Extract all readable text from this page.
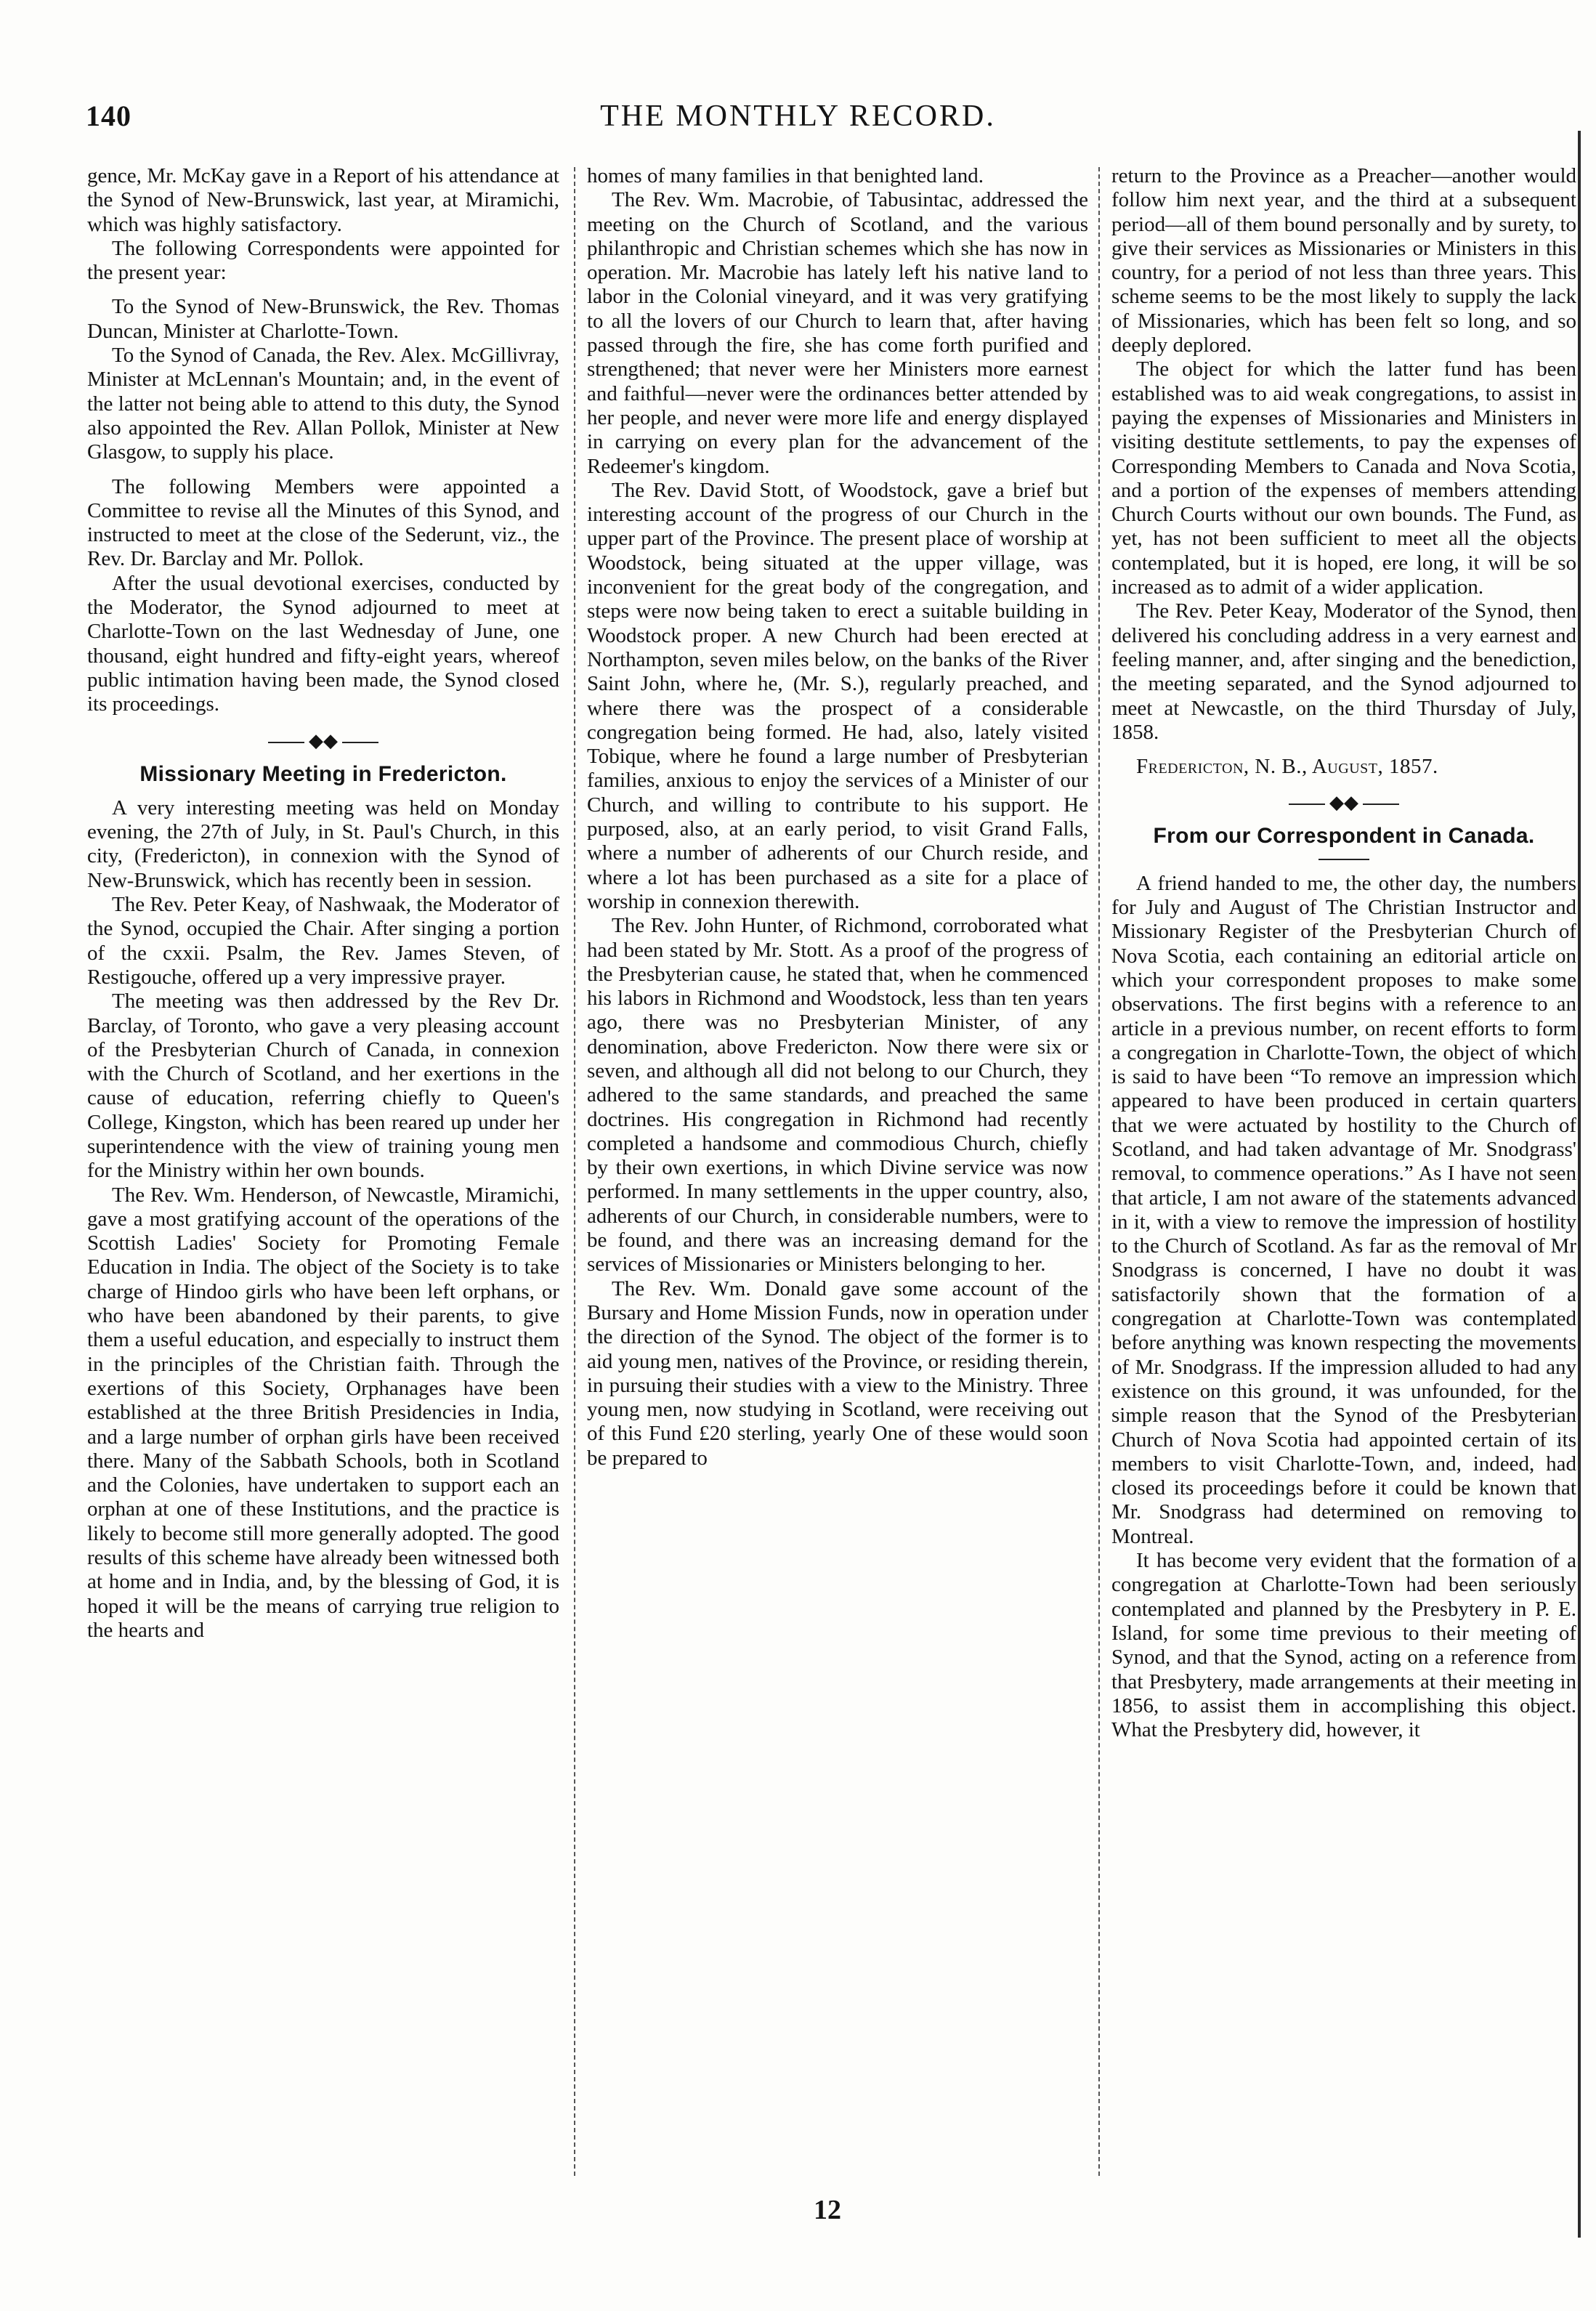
140	THE MONTHLY RECORD.

gence, Mr. McKay gave in a Report of his attendance at the Synod of New-Brunswick, last year, at Miramichi, which was highly satisfactory.

The following Correspondents were appointed for the present year:

To the Synod of New-Brunswick, the Rev. Thomas Duncan, Minister at Charlotte-Town.

To the Synod of Canada, the Rev. Alex. McGillivray, Minister at McLennan's Mountain; and, in the event of the latter not being able to attend to this duty, the Synod also appointed the Rev. Allan Pollok, Minister at New Glasgow, to supply his place.

The following Members were appointed a Committee to revise all the Minutes of this Synod, and instructed to meet at the close of the Sederunt, viz., the Rev. Dr. Barclay and Mr. Pollok.

After the usual devotional exercises, conducted by the Moderator, the Synod adjourned to meet at Charlotte-Town on the last Wednesday of June, one thousand, eight hundred and fifty-eight years, whereof public intimation having been made, the Synod closed its proceedings.

◆◆
Missionary Meeting in Fredericton.

A very interesting meeting was held on Monday evening, the 27th of July, in St. Paul's Church, in this city, (Fredericton), in connexion with the Synod of New-Brunswick, which has recently been in session.

The Rev. Peter Keay, of Nashwaak, the Moderator of the Synod, occupied the Chair. After singing a portion of the cxxii. Psalm, the Rev. James Steven, of Restigouche, offered up a very impressive prayer.

The meeting was then addressed by the Rev Dr. Barclay, of Toronto, who gave a very pleasing account of the Presbyterian Church of Canada, in connexion with the Church of Scotland, and her exertions in the cause of education, referring chiefly to Queen's College, Kingston, which has been reared up under her superintendence with the view of training young men for the Ministry within her own bounds.

The Rev. Wm. Henderson, of Newcastle, Miramichi, gave a most gratifying account of the operations of the Scottish Ladies' Society for Promoting Female Education in India. The object of the Society is to take charge of Hindoo girls who have been left orphans, or who have been abandoned by their parents, to give them a useful education, and especially to instruct them in the principles of the Christian faith. Through the exertions of this Society, Orphanages have been established at the three British Presidencies in India, and a large number of orphan girls have been received there. Many of the Sabbath Schools, both in Scotland and the Colonies, have undertaken to support each an orphan at one of these Institutions, and the practice is likely to become still more generally adopted. The good results of this scheme have already been witnessed both at home and in India, and, by the blessing of God, it is hoped it will be the means of carrying true religion to the hearts and

homes of many families in that benighted land.

The Rev. Wm. Macrobie, of Tabusintac, addressed the meeting on the Church of Scotland, and the various philanthropic and Christian schemes which she has now in operation. Mr. Macrobie has lately left his native land to labor in the Colonial vineyard, and it was very gratifying to all the lovers of our Church to learn that, after having passed through the fire, she has come forth purified and strengthened; that never were her Ministers more earnest and faithful—never were the ordinances better attended by her people, and never were more life and energy displayed in carrying on every plan for the advancement of the Redeemer's kingdom.

The Rev. David Stott, of Woodstock, gave a brief but interesting account of the progress of our Church in the upper part of the Province. The present place of worship at Woodstock, being situated at the upper village, was inconvenient for the great body of the congregation, and steps were now being taken to erect a suitable building in Woodstock proper. A new Church had been erected at Northampton, seven miles below, on the banks of the River Saint John, where he, (Mr. S.), regularly preached, and where there was the prospect of a considerable congregation being formed. He had, also, lately visited Tobique, where he found a large number of Presbyterian families, anxious to enjoy the services of a Minister of our Church, and willing to contribute to his support. He purposed, also, at an early period, to visit Grand Falls, where a number of adherents of our Church reside, and where a lot has been purchased as a site for a place of worship in connexion therewith.

The Rev. John Hunter, of Richmond, corroborated what had been stated by Mr. Stott. As a proof of the progress of the Presbyterian cause, he stated that, when he commenced his labors in Richmond and Woodstock, less than ten years ago, there was no Presbyterian Minister, of any denomination, above Fredericton. Now there were six or seven, and although all did not belong to our Church, they adhered to the same standards, and preached the same doctrines. His congregation in Richmond had recently completed a handsome and commodious Church, chiefly by their own exertions, in which Divine service was now performed. In many settlements in the upper country, also, adherents of our Church, in considerable numbers, were to be found, and there was an increasing demand for the services of Missionaries or Ministers belonging to her.

The Rev. Wm. Donald gave some account of the Bursary and Home Mission Funds, now in operation under the direction of the Synod. The object of the former is to aid young men, natives of the Province, or residing therein, in pursuing their studies with a view to the Ministry. Three young men, now studying in Scotland, were receiving out of this Fund £20 sterling, yearly One of these would soon be prepared to

return to the Province as a Preacher—another would follow him next year, and the third at a subsequent period—all of them bound personally and by surety, to give their services as Missionaries or Ministers in this country, for a period of not less than three years. This scheme seems to be the most likely to supply the lack of Missionaries, which has been felt so long, and so deeply deplored.

The object for which the latter fund has been established was to aid weak congregations, to assist in paying the expenses of Missionaries and Ministers in visiting destitute settlements, to pay the expenses of Corresponding Members to Canada and Nova Scotia, and a portion of the expenses of members attending Church Courts without our own bounds. The Fund, as yet, has not been sufficient to meet all the objects contemplated, but it is hoped, ere long, it will be so increased as to admit of a wider application.

The Rev. Peter Keay, Moderator of the Synod, then delivered his concluding address in a very earnest and feeling manner, and, after singing and the benediction, the meeting separated, and the Synod adjourned to meet at Newcastle, on the third Thursday of July, 1858.

Fredericton, N. B., August, 1857.

◆◆
From our Correspondent in Canada.

A friend handed to me, the other day, the numbers for July and August of The Christian Instructor and Missionary Register of the Presbyterian Church of Nova Scotia, each containing an editorial article on which your correspondent proposes to make some observations. The first begins with a reference to an article in a previous number, on recent efforts to form a congregation in Charlotte-Town, the object of which is said to have been “To remove an impression which appeared to have been produced in certain quarters that we were actuated by hostility to the Church of Scotland, and had taken advantage of Mr. Snodgrass' removal, to commence operations.” As I have not seen that article, I am not aware of the statements advanced in it, with a view to remove the impression of hostility to the Church of Scotland. As far as the removal of Mr Snodgrass is concerned, I have no doubt it was satisfactorily shown that the formation of a congregation at Charlotte-Town was contemplated before anything was known respecting the movements of Mr. Snodgrass. If the impression alluded to had any existence on this ground, it was unfounded, for the simple reason that the Synod of the Presbyterian Church of Nova Scotia had appointed certain of its members to visit Charlotte-Town, and, indeed, had closed its proceedings before it could be known that Mr. Snodgrass had determined on removing to Montreal.

It has become very evident that the formation of a congregation at Charlotte-Town had been seriously contemplated and planned by the Presbytery in P. E. Island, for some time previous to their meeting of Synod, and that the Synod, acting on a reference from that Presbytery, made arrangements at their meeting in 1856, to assist them in accomplishing this object. What the Presbytery did, however, it

12
